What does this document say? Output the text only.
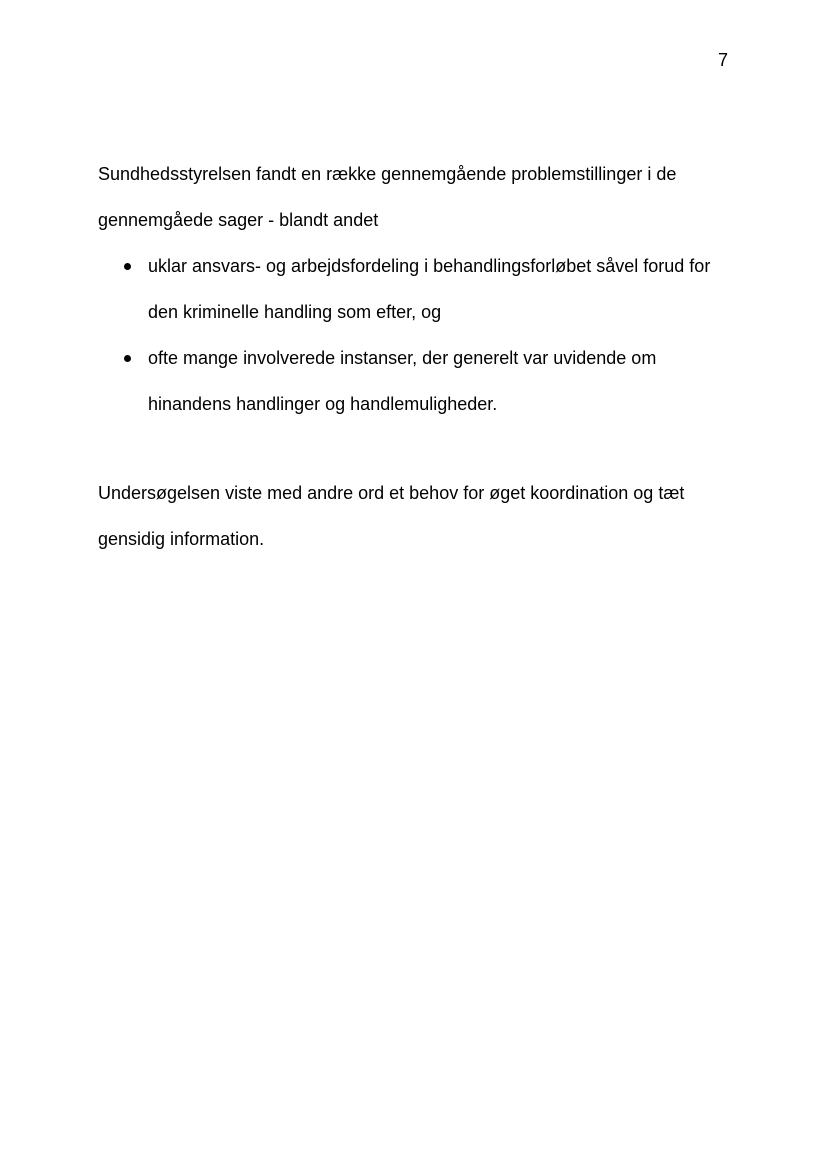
7

Sundhedsstyrelsen fandt en række gennemgående problemstillinger i de gennemgåede sager - blandt andet

uklar ansvars- og arbejdsfordeling i behandlingsforløbet såvel forud for den kriminelle handling som efter, og
ofte mange involverede instanser, der generelt var uvidende om hinandens handlinger og handlemuligheder.

Undersøgelsen viste med andre ord et behov for øget koordination og tæt gensidig information.
